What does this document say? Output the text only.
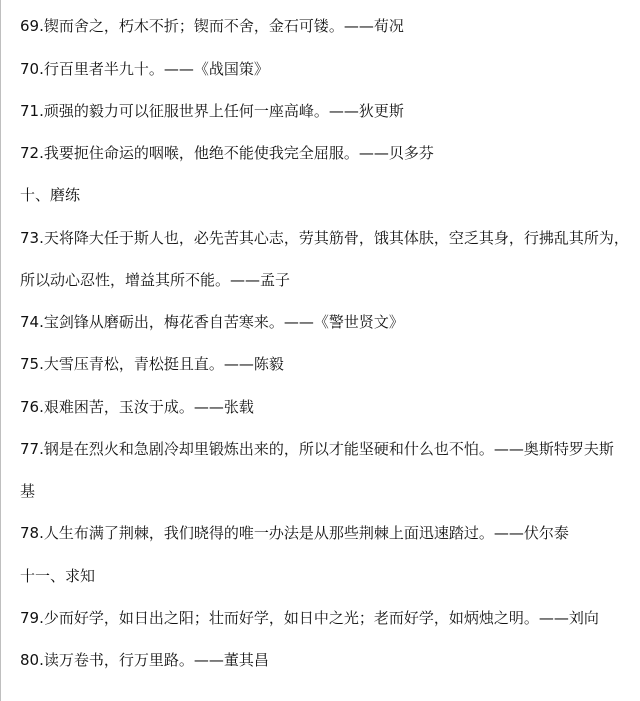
69.锲而舍之，朽木不折；锲而不舍，金石可镂。——荀况
70.行百里者半九十。——《战国策》
71.顽强的毅力可以征服世界上任何一座高峰。——狄更斯
72.我要扼住命运的咽喉，他绝不能使我完全屈服。——贝多芬
十、磨练
73.天将降大任于斯人也，必先苦其心志，劳其筋骨，饿其体肤，空乏其身，行拂乱其所为，
所以动心忍性，增益其所不能。——孟子
74.宝剑锋从磨砺出，梅花香自苦寒来。——《警世贤文》
75.大雪压青松，青松挺且直。——陈毅
76.艰难困苦，玉汝于成。——张载
77.钢是在烈火和急剧冷却里锻炼出来的，所以才能坚硬和什么也不怕。——奥斯特罗夫斯
基
78.人生布满了荆棘，我们晓得的唯一办法是从那些荆棘上面迅速踏过。——伏尔泰
十一、求知
79.少而好学，如日出之阳；壮而好学，如日中之光；老而好学，如炳烛之明。——刘向
80.读万卷书，行万里路。——董其昌
